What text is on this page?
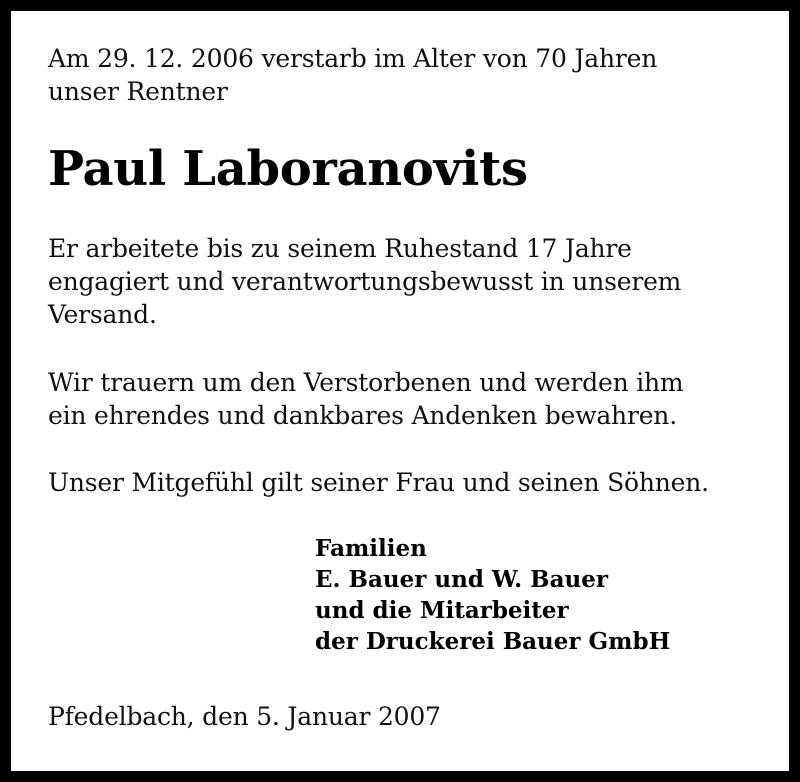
Am 29. 12. 2006 verstarb im Alter von 70 Jahren
unser Rentner
Paul Laboranovits
Er arbeitete bis zu seinem Ruhestand 17 Jahre
engagiert und verantwortungsbewusst in unserem
Versand.
Wir trauern um den Verstorbenen und werden ihm
ein ehrendes und dankbares Andenken bewahren.
Unser Mitgefühl gilt seiner Frau und seinen Söhnen.
Familien
E. Bauer und W. Bauer
und die Mitarbeiter
der Druckerei Bauer GmbH
Pfedelbach, den 5. Januar 2007
